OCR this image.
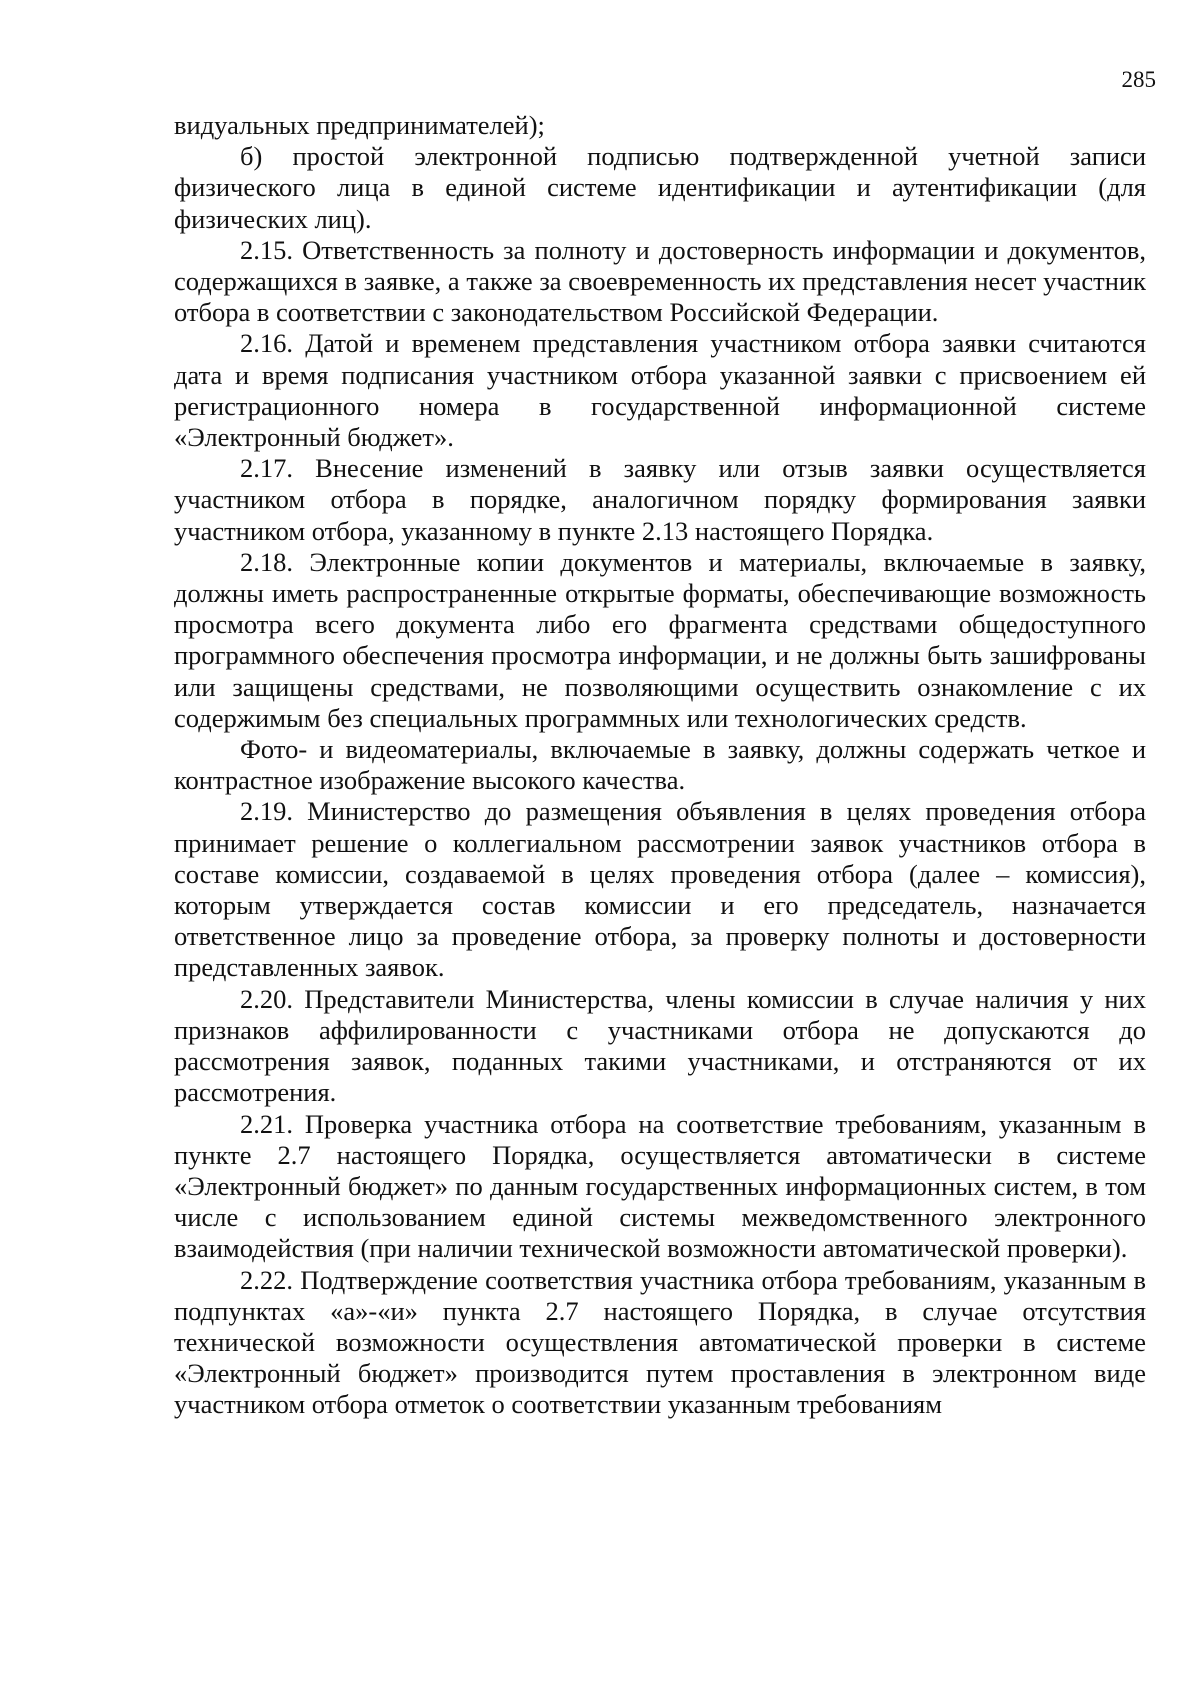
285

видуальных предпринимателей);

б) простой электронной подписью подтвержденной учетной записи физического лица в единой системе идентификации и аутентификации (для физических лиц).

2.15. Ответственность за полноту и достоверность информации и документов, содержащихся в заявке, а также за своевременность их представления несет участник отбора в соответствии с законодательством Российской Федерации.

2.16. Датой и временем представления участником отбора заявки считаются дата и время подписания участником отбора указанной заявки с присвоением ей регистрационного номера в государственной информационной системе «Электронный бюджет».

2.17. Внесение изменений в заявку или отзыв заявки осуществляется участником отбора в порядке, аналогичном порядку формирования заявки участником отбора, указанному в пункте 2.13 настоящего Порядка.

2.18. Электронные копии документов и материалы, включаемые в заявку, должны иметь распространенные открытые форматы, обеспечивающие возможность просмотра всего документа либо его фрагмента средствами общедоступного программного обеспечения просмотра информации, и не должны быть зашифрованы или защищены средствами, не позволяющими осуществить ознакомление с их содержимым без специальных программных или технологических средств.

Фото- и видеоматериалы, включаемые в заявку, должны содержать четкое и контрастное изображение высокого качества.

2.19. Министерство до размещения объявления в целях проведения отбора принимает решение о коллегиальном рассмотрении заявок участников отбора в составе комиссии, создаваемой в целях проведения отбора (далее – комиссия), которым утверждается состав комиссии и его председатель, назначается ответственное лицо за проведение отбора, за проверку полноты и достоверности представленных заявок.

2.20. Представители Министерства, члены комиссии в случае наличия у них признаков аффилированности с участниками отбора не допускаются до рассмотрения заявок, поданных такими участниками, и отстраняются от их рассмотрения.

2.21. Проверка участника отбора на соответствие требованиям, указанным в пункте 2.7 настоящего Порядка, осуществляется автоматически в системе «Электронный бюджет» по данным государственных информационных систем, в том числе с использованием единой системы межведомственного электронного взаимодействия (при наличии технической возможности автоматической проверки).

2.22. Подтверждение соответствия участника отбора требованиям, указанным в подпунктах «а»-«и» пункта 2.7 настоящего Порядка, в случае отсутствия технической возможности осуществления автоматической проверки в системе «Электронный бюджет» производится путем проставления в электронном виде участником отбора отметок о соответствии указанным требованиям
